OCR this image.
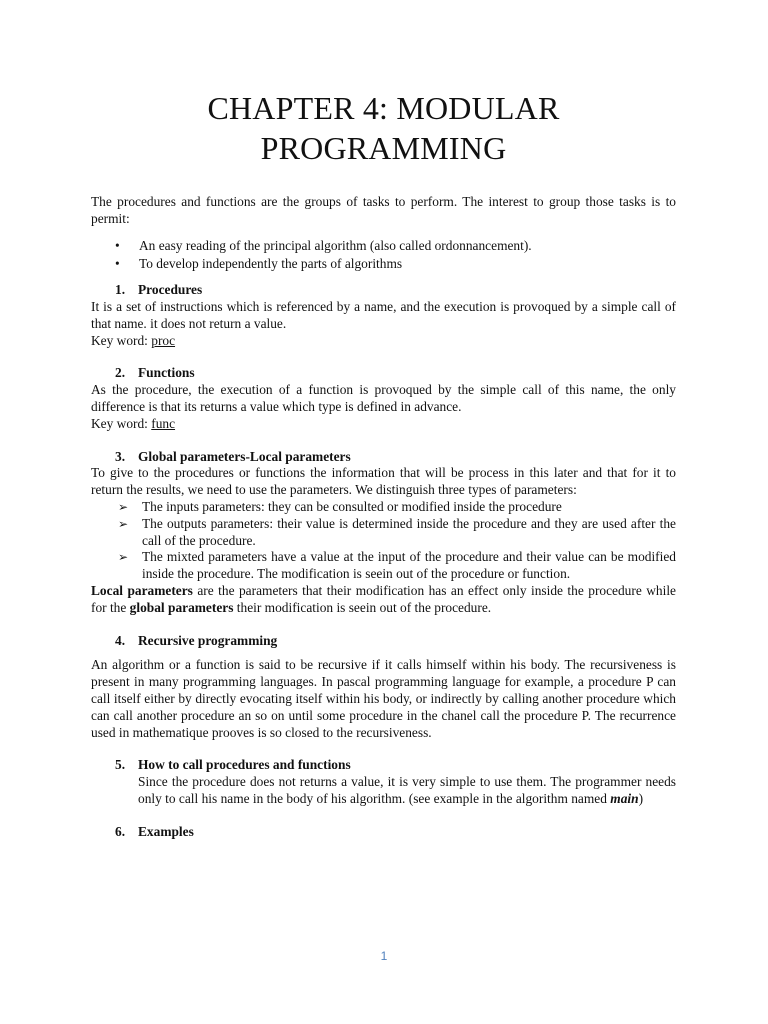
CHAPTER 4: MODULAR
PROGRAMMING

The procedures and functions are the groups of tasks to perform. The interest to group those tasks is to permit:

• An easy reading of the principal algorithm (also called ordonnancement).
• To develop independently the parts of algorithms
1. Procedures

It is a set of instructions which is referenced by a name, and the execution is provoqued by a simple call of that name. it does not return a value.

Key word: proc

2. Functions

As the procedure, the execution of a function is provoqued by the simple call of this name, the only difference is that its returns a value which type is defined in advance.

Key word: func

3. Global parameters-Local parameters

To give to the procedures or functions the information that will be process in this later and that for it to return the results, we need to use the parameters. We distinguish three types of parameters:

➢ The inputs parameters: they can be consulted or modified inside the procedure
➢ The outputs parameters: their value is determined inside the procedure and they are used after the call of the procedure.
➢ The mixted parameters have a value at the input of the procedure and their value can be modified inside the procedure. The modification is seein out of the procedure or function.

Local parameters are the parameters that their modification has an effect only inside the procedure while for the global parameters their modification is seein out of the procedure.

4. Recursive programming

An algorithm or a function is said to be recursive if it calls himself within his body. The recursiveness is present in many programming languages. In pascal programming language for example, a procedure P can call itself either by directly evocating itself within his body, or indirectly by calling another procedure which can call another procedure an so on until some procedure in the chanel call the procedure P. The recurrence used in mathematique prooves is so closed to the recursiveness.

5. How to call procedures and functions

Since the procedure does not returns a value, it is very simple to use them. The programmer needs only to call his name in the body of his algorithm. (see example in the algorithm named main)

6. Examples
1
